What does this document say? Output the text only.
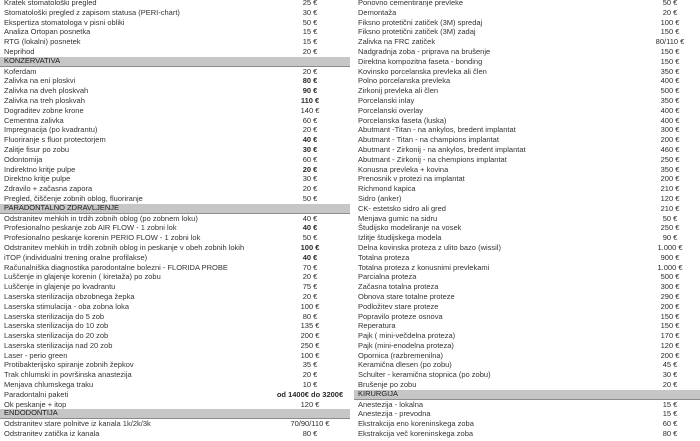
Kratek stomatološki pregled	25 €
Stomatološki pregled z zapisom statusa (PERI-chart)	30 €
Ekspertiza stomatologa v pisni obliki	50 €
Analiza Ortopan posnetka	15 €
RTG (lokalni) posnetek	15 €
Neprihod	20 €
KONZERVATIVA
Koferdam	20 €
Zalivka na eni ploskvi	80 €
Zalivka na dveh ploskvah	90 €
Zalivka na treh ploskvah	110 €
Dograditev zobne krone	140 €
Cementna zalivka	60 €
Impregnacija (po kvadrantu)	20 €
Fluoriranje s fluor protectorjem	40 €
Zalitje fisur po zobu	30 €
Odontomija	60 €
Indirektno kritje pulpe	20 €
Direktno kritje pulpe	30 €
Zdravilo + začasna zapora	20 €
Pregled, čiščenje zobnih oblog, fluoriranje	50 €
PARADONTALNO ZDRAVLJENJE
Odstranitev mehkih in trdih zobnih oblog (po zobnem loku)	40 €
Profesionalno peskanje zob AIR FLOW - 1 zobni lok	40 €
Profesionalno peskanje korenin PERIO FLOW - 1 zobni lok	50 €
Odstranitev mehkih in trdih zobnih oblog in peskanje v obeh zobnih lokih	100 €
iTOP (individualni trening oralne profilakse)	40 €
Računalniška diagnostika parodontalne bolezni - FLORIDA PROBE	70 €
Luščenje in glajenje korenin ( kiretaža) po zobu	20 €
Luščenje in glajenje po kvadrantu	75 €
Laserska sterilizacija obzobnega žepka	20 €
Laserska stimulacija - oba zobna loka	100 €
Laserska sterilizacija do 5 zob	80 €
Laserska sterilizacija do 10 zob	135 €
Laserska sterilizacija do 20 zob	200 €
Laserska sterilizacija nad 20 zob	250 €
Laser - perio green	100 €
Protibakterijsko spiranje zobnih žepkov	35 €
Trak chlumski in površinska anastezija	20 €
Menjava chlumskega traku	10 €
Paradontalni paketi	od 1400€ do 3200€
Ok peskanje + itop	120 €
ENDODONTIJA
Odstranitev stare polnitve iz kanala 1k/2k/3k	70/90/110 €
Odstranitev zatička iz kanala	80 €
Ponovno cementiranje prevleke	50 €
Demontaža	20 €
Fiksno protetični zatiček (3M) spredaj	100 €
Fiksno protetični zatiček (3M) zadaj	150 €
Zalivka na FRC zatiček	80/110 €
Nadgradnja zoba - priprava na brušenje	150 €
Direktna kompozitna faseta - bonding	150 €
Kovinsko porcelanska prevleka ali člen	350 €
Polno porcelanska prevleka	400 €
Zirkonij prevleka ali člen	500 €
Porcelanski inlay	350 €
Porcelanski overlay	400 €
Porcelanska faseta (luska)	400 €
Abutmant -Titan - na ankylos, bredent implantat	300 €
Abutmant - Titan - na champions implantat	200 €
Abutmant - Zirkonij - na ankylos, bredent implantat	460 €
Abutmant - Zirkonij - na chempions implantat	250 €
Konusna prevleka + kovina	350 €
Prenosnik v protezi na implantat	200 €
Richmond kapica	210 €
Sidro (anker)	120 €
CK- estetsko sidro ali gred	210 €
Menjava gumic na sidru	50 €
Študijsko modeliranje na vosek	250 €
Izlitje študijskega modela	90 €
Delna kovinska proteza z ulito bazo (wissil)	1.000 €
Totalna proteza	900 €
Totalna proteza z konusnimi prevlekami	1.000 €
Parcialna proteza	500 €
Začasna totalna proteza	300 €
Obnova stare totalne proteze	290 €
Podložitev stare proteze	200 €
Popravilo proteze osnova	150 €
Reperatura	150 €
Pajk ( mini-večdelna proteza)	170 €
Pajk (mini-enodelna proteza)	120 €
Opornica (razbremenilna)	200 €
Keramična dlesen (po zobu)	45 €
Schulter - keramična stopnica (po zobu)	30 €
Brušenje po zobu	20 €
KIRURGIJA
Anestezija - lokalna	15 €
Anestezija - prevodna	15 €
Ekstrakcija eno koreninskega zoba	60 €
Ekstrakcija več koreninskega zoba	80 €
